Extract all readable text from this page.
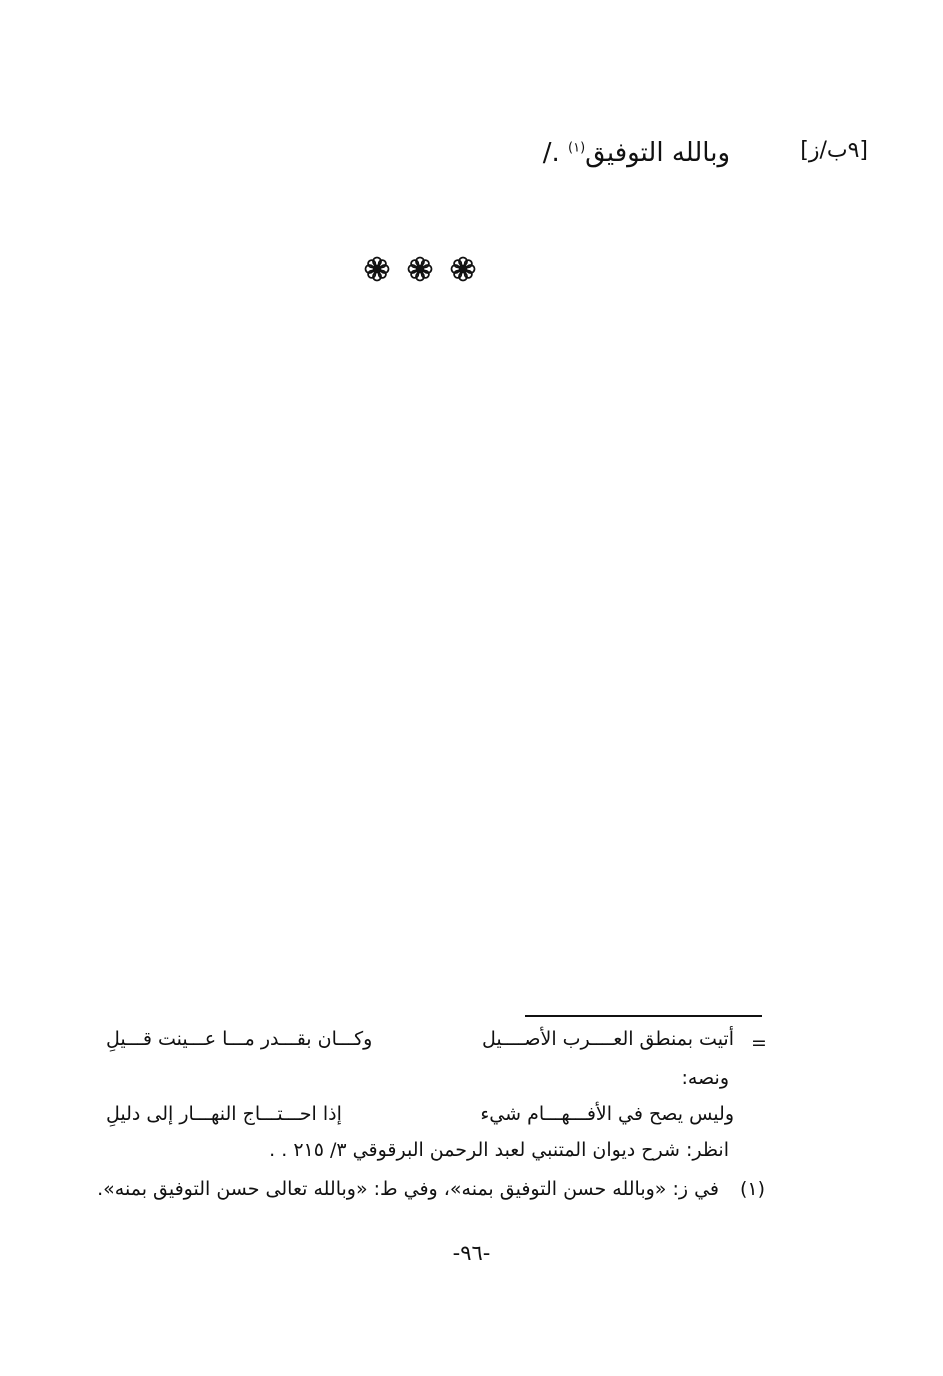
[٩ب/ز]
وبالله التوفيق$^{(١)}$ ./
=
وكـــان بقـــدر مـــا عـــينت قـــيلِ	أتيت بمنطق العــــرب الأصــــيل
ونصه:
إذا احـــتـــاج النهـــار إلى دليلِ	وليس يصح في الأفـــهـــام شيء
انظر: شرح ديوان المتنبي لعبد الرحمن البرقوقي ٣/ ٢١٥ . .
(١)
في ز: «وبالله حسن التوفيق بمنه»، وفي ط: «وبالله تعالى حسن التوفيق بمنه».
-٩٦-
